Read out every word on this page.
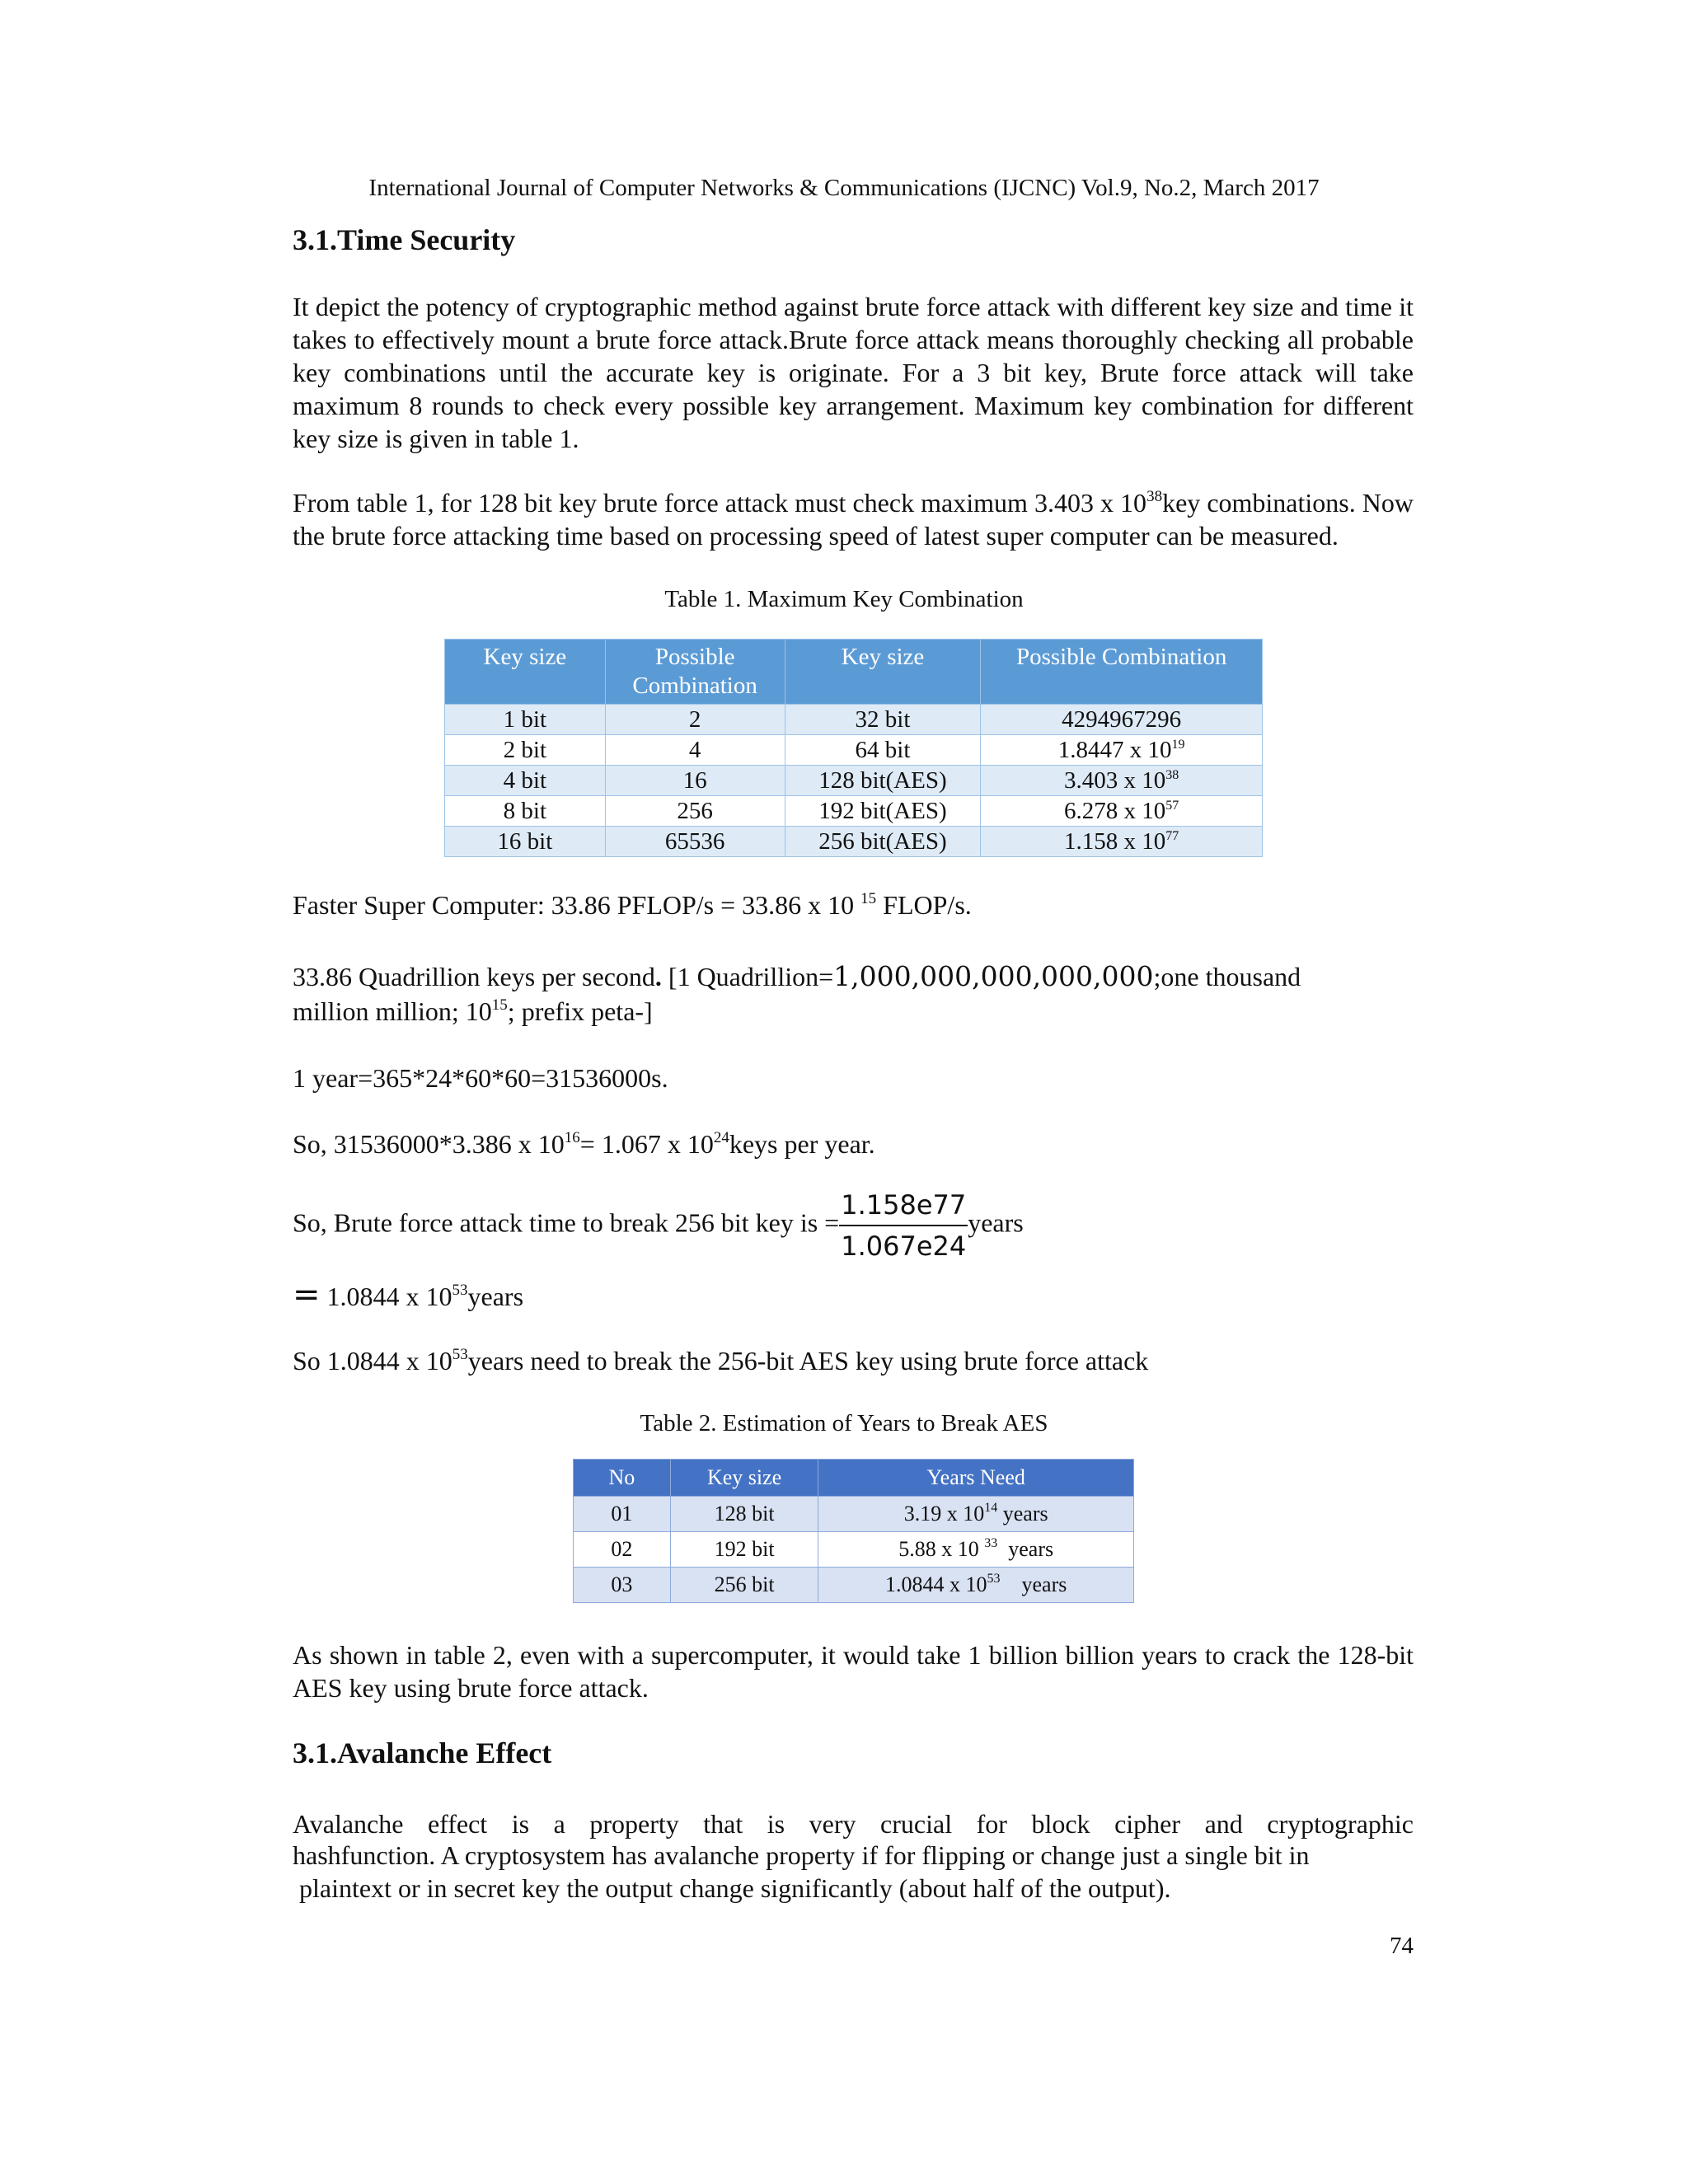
International Journal of Computer Networks & Communications (IJCNC) Vol.9, No.2, March 2017
3.1.Time Security
It depict the potency of cryptographic method against brute force attack with different key size and time it takes to effectively mount a brute force attack.Brute force attack means thoroughly checking all probable key combinations until the accurate key is originate. For a 3 bit key, Brute force attack will take maximum 8 rounds to check every possible key arrangement. Maximum key combination for different key size is given in table 1.
From table 1, for 128 bit key brute force attack must check maximum 3.403 x $10^{38}key$ combinations. Now the brute force attacking time based on processing speed of latest super computer can be measured.
Table 1. Maximum Key Combination
Key size	Possible Combination	Key size	Possible Combination
1 bit	2	32 bit	4294967296
2 bit	4	64 bit	1.8447 x $10^{19}$
4 bit	16	128 bit(AES)	3.403 x $10^{38}$
8 bit	256	192 bit(AES)	6.278 x $10^{57}$
16 bit	65536	256 bit(AES)	1.158 x $10^{77}$
Faster Super Computer: 33.86 PFLOP/s = 33.86 x 10 $^{15}$ FLOP/s.
33.86 Quadrillion keys per second. [1 Quadrillion=1,000,000,000,000,000;one thousand
million million; $10^{15}$; prefix peta-]
1 year=365*24*60*60=31536000s.
So, 31536000*3.386 x $10^{16}= 1.067$ x $10^{24}keys$ per year.
So, Brute force attack time to break 256 bit key is = $\frac{1.158e77}{1.067e24}$ years
= 1.0844 x $10^{53}years$
So 1.0844 x $10^{53}years$ need to break the 256-bit AES key using brute force attack
Table 2. Estimation of Years to Break AES
No	Key size	Years Need
01	128 bit	3.19 x $10^{14}$ years
02	192 bit	5.88 x 10 $^{33}$  years
03	256 bit	1.0844 x $10^{53}$    years
As shown in table 2, even with a supercomputer, it would take 1 billion billion years to crack the 128-bit AES key using brute force attack.
3.1.Avalanche Effect
Avalanche effect is a property that is very crucial for block cipher and cryptographic
hashfunction. A cryptosystem has avalanche property if for flipping or change just a single bit in
plaintext or in secret key the output change significantly (about half of the output).
74
